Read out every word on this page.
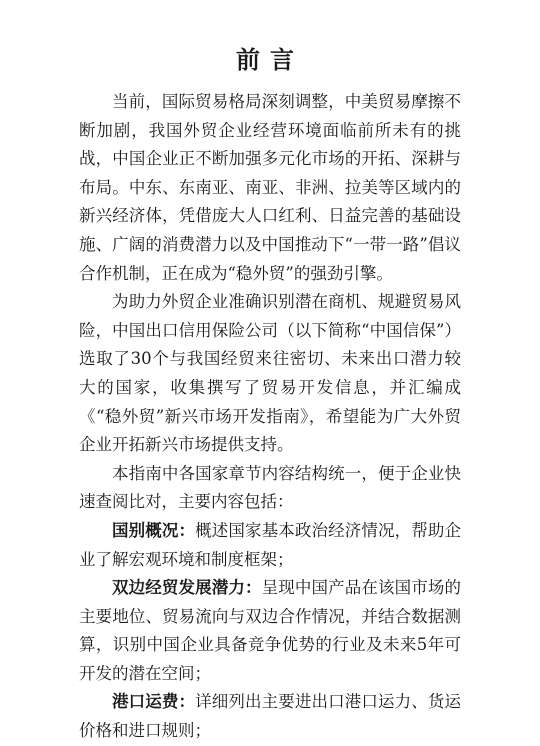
前言

当前，国际贸易格局深刻调整，中美贸易摩擦不断加剧，我国外贸企业经营环境面临前所未有的挑战，中国企业正不断加强多元化市场的开拓、深耕与布局。中东、东南亚、南亚、非洲、拉美等区域内的新兴经济体，凭借庞大人口红利、日益完善的基础设施、广阔的消费潜力以及中国推动下“一带一路”倡议合作机制，正在成为“稳外贸”的强劲引擎。

为助力外贸企业准确识别潜在商机、规避贸易风险，中国出口信用保险公司（以下简称“中国信保”）选取了30个与我国经贸来往密切、未来出口潜力较大的国家，收集撰写了贸易开发信息，并汇编成《“稳外贸”新兴市场开发指南》，希望能为广大外贸企业开拓新兴市场提供支持。

本指南中各国家章节内容结构统一，便于企业快速查阅比对，主要内容包括：

国别概况：概述国家基本政治经济情况，帮助企业了解宏观环境和制度框架；

双边经贸发展潜力：呈现中国产品在该国市场的主要地位、贸易流向与双边合作情况，并结合数据测算，识别中国企业具备竞争优势的行业及未来5年可开发的潜在空间；

港口运费：详细列出主要进出口港口运力、货运价格和进口规则；
